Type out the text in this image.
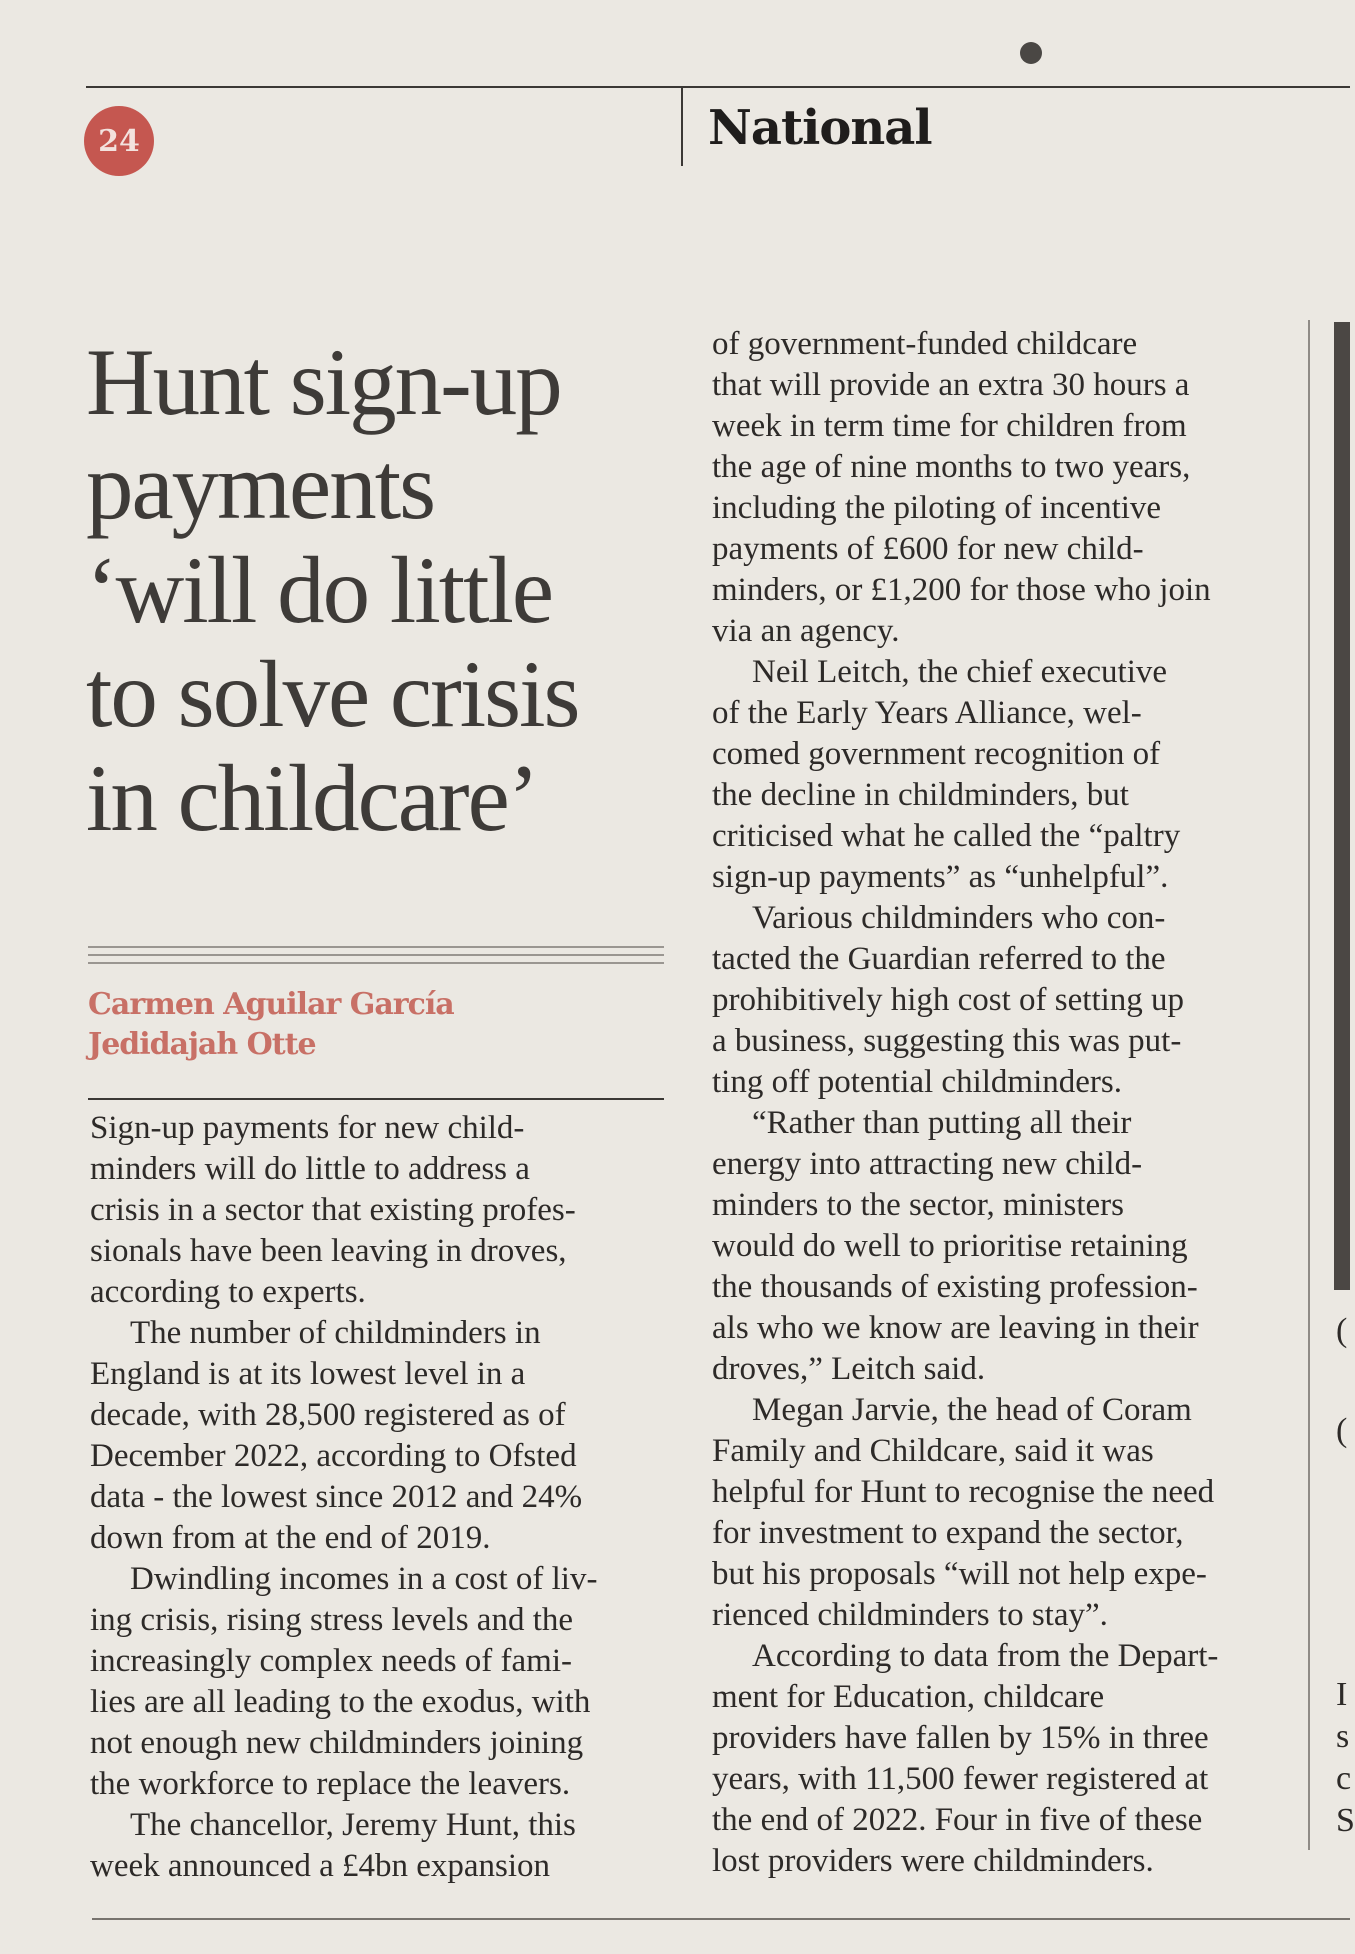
24	National
Hunt sign-up
payments
‘will do little
to solve crisis
in childcare’
Carmen Aguilar García
Jedidajah Otte
Sign-up payments for new child-
minders will do little to address a
crisis in a sector that existing profes-
sionals have been leaving in droves,
according to experts.
The number of childminders in
England is at its lowest level in a
decade, with 28,500 registered as of
December 2022, according to Ofsted
data - the lowest since 2012 and 24%
down from at the end of 2019.
Dwindling incomes in a cost of liv-
ing crisis, rising stress levels and the
increasingly complex needs of fami-
lies are all leading to the exodus, with
not enough new childminders joining
the workforce to replace the leavers.
The chancellor, Jeremy Hunt, this
week announced a £4bn expansion
of government-funded childcare
that will provide an extra 30 hours a
week in term time for children from
the age of nine months to two years,
including the piloting of incentive
payments of £600 for new child-
minders, or £1,200 for those who join
via an agency.
Neil Leitch, the chief executive
of the Early Years Alliance, wel-
comed government recognition of
the decline in childminders, but
criticised what he called the “paltry
sign-up payments” as “unhelpful”.
Various childminders who con-
tacted the Guardian referred to the
prohibitively high cost of setting up
a business, suggesting this was put-
ting off potential childminders.
“Rather than putting all their
energy into attracting new child-
minders to the sector, ministers
would do well to prioritise retaining
the thousands of existing profession-
als who we know are leaving in their
droves,” Leitch said.
Megan Jarvie, the head of Coram
Family and Childcare, said it was
helpful for Hunt to recognise the need
for investment to expand the sector,
but his proposals “will not help expe-
rienced childminders to stay”.
According to data from the Depart-
ment for Education, childcare
providers have fallen by 15% in three
years, with 11,500 fewer registered at
the end of 2022. Four in five of these
lost providers were childminders.
(
(
I
s
c
S
